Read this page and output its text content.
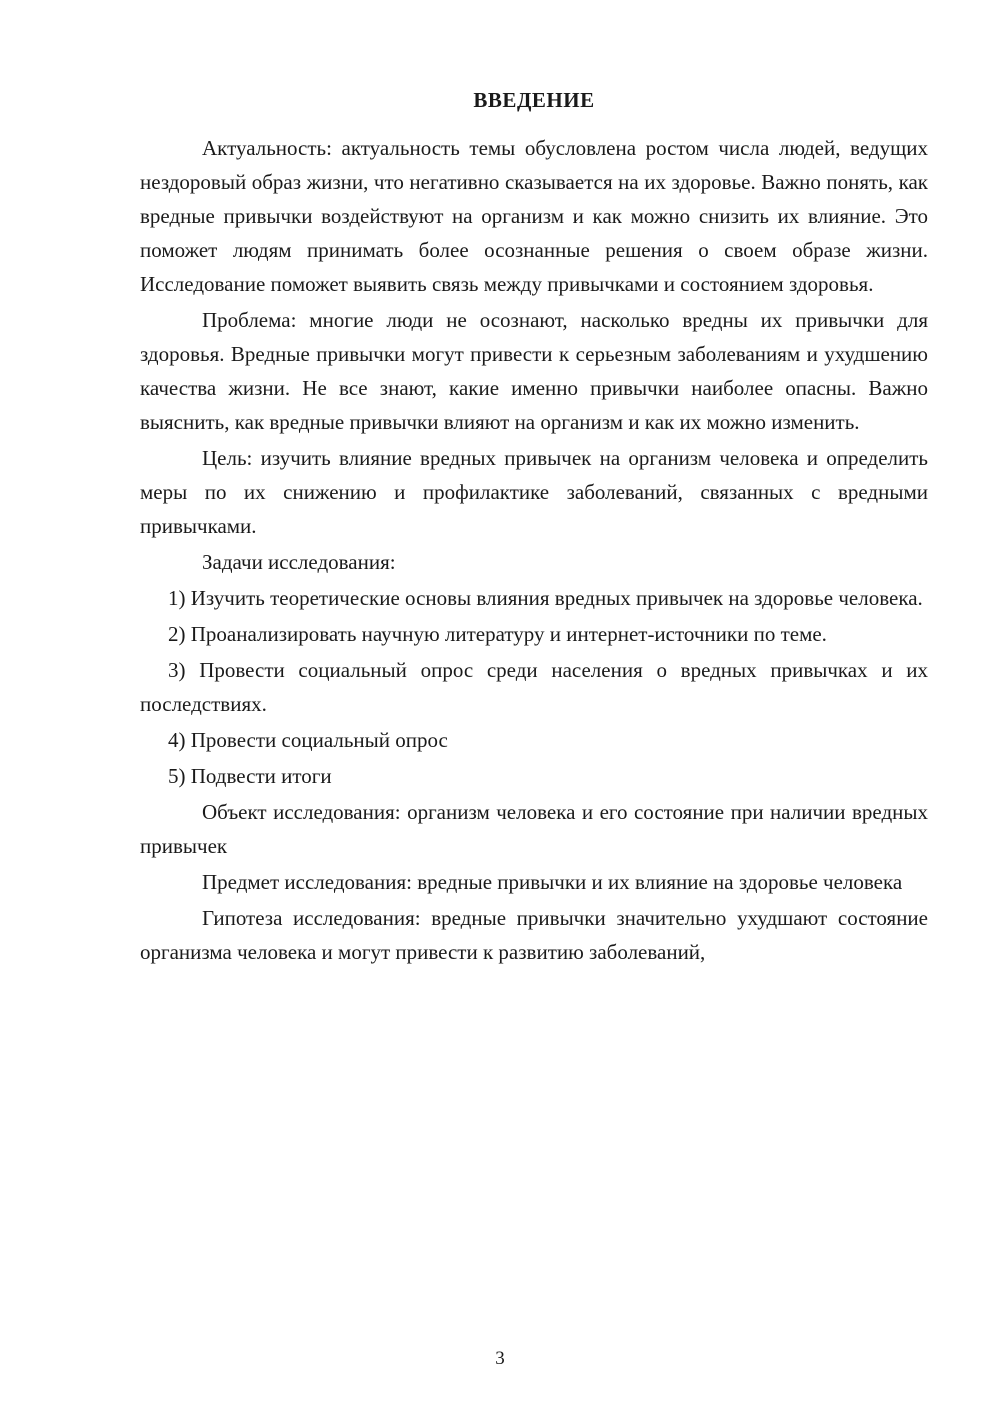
ВВЕДЕНИЕ

Актуальность: актуальность темы обусловлена ростом числа людей, ведущих нездоровый образ жизни, что негативно сказывается на их здоровье. Важно понять, как вредные привычки воздействуют на организм и как можно снизить их влияние. Это поможет людям принимать более осознанные решения о своем образе жизни. Исследование поможет выявить связь между привычками и состоянием здоровья.

Проблема: многие люди не осознают, насколько вредны их привычки для здоровья. Вредные привычки могут привести к серьезным заболеваниям и ухудшению качества жизни. Не все знают, какие именно привычки наиболее опасны. Важно выяснить, как вредные привычки влияют на организм и как их можно изменить.

Цель: изучить влияние вредных привычек на организм человека и определить меры по их снижению и профилактике заболеваний, связанных с вредными привычками.

Задачи исследования:

1) Изучить теоретические основы влияния вредных привычек на здоровье человека.

2) Проанализировать научную литературу и интернет-источники по теме.

3) Провести социальный опрос среди населения о вредных привычках и их последствиях.

4) Провести социальный опрос

5) Подвести итоги

Объект исследования: организм человека и его состояние при наличии вредных привычек

Предмет исследования: вредные привычки и их влияние на здоровье человека

Гипотеза исследования: вредные привычки значительно ухудшают состояние организма человека и могут привести к развитию заболеваний,

3
